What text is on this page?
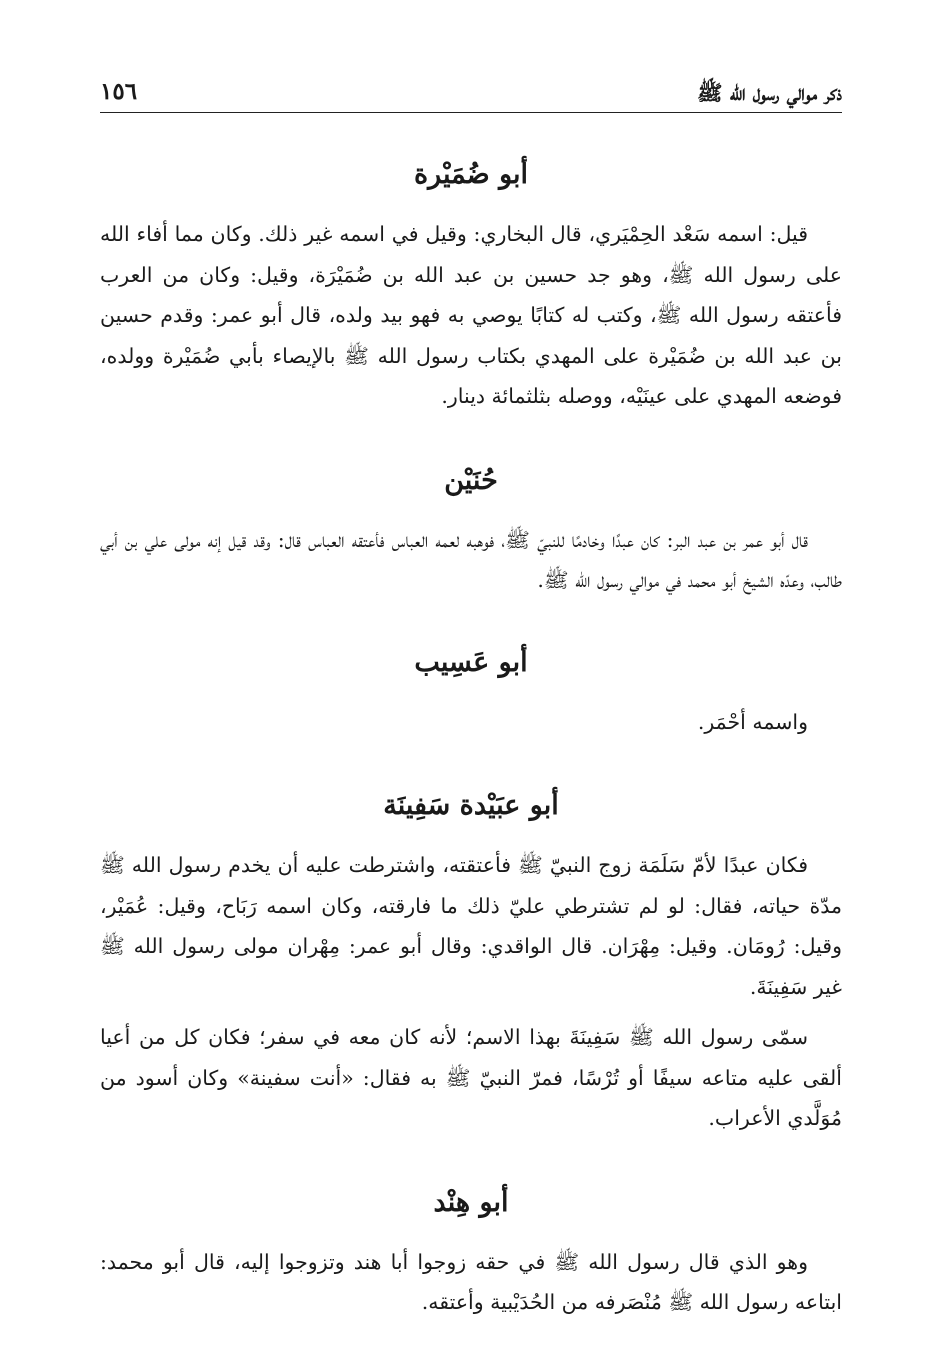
ذكر موالي رسول الله ﷺ
١٥٦
أبو ضُمَيْرة

قيل: اسمه سَعْد الحِمْيَري، قال البخاري: وقيل في اسمه غير ذلك. وكان مما أفاء الله على رسول الله ﷺ، وهو جد حسين بن عبد الله بن ضُمَيْرَة، وقيل: وكان من العرب فأعتقه رسول الله ﷺ، وكتب له كتابًا يوصي به فهو بيد ولده، قال أبو عمر: وقدم حسين بن عبد الله بن ضُمَيْرة على المهدي بكتاب رسول الله ﷺ بالإيصاء بأبي ضُمَيْرة وولده، فوضعه المهدي على عينَيْه، ووصله بثلثمائة دينار.

حُنَيْن

قال أبو عمر بن عبد البر: كان عبدًا وخادمًا للنبيّ ﷺ، فوهبه لعمه العباس فأعتقه العباس قال: وقد قيل إنه مولى علي بن أبي طالب، وعدّه الشيخ أبو محمد في موالي رسول الله ﷺ.

أبو عَسِيب

واسمه أحْمَر.

أبو عبَيْدة سَفِينَة

فكان عبدًا لأمّ سَلَمَة زوج النبيّ ﷺ فأعتقته، واشترطت عليه أن يخدم رسول الله ﷺ مدّة حياته، فقال: لو لم تشترطي عليّ ذلك ما فارقته، وكان اسمه رَبَاح، وقيل: عُمَيْر، وقيل: رُومَان. وقيل: مِهْرَان. قال الواقدي: وقال أبو عمر: مِهْران مولى رسول الله ﷺ غير سَفِينَةَ.

سمّى رسول الله ﷺ سَفِينَةَ بهذا الاسم؛ لأنه كان معه في سفر؛ فكان كل من أعيا ألقى عليه متاعه سيفًا أو تُرْسًا، فمرّ النبيّ ﷺ به فقال: «أنت سفينة» وكان أسود من مُوَلَّدي الأعراب.

أبو هِنْد

وهو الذي قال رسول الله ﷺ في حقه زوجوا أبا هند وتزوجوا إليه، قال أبو محمد: ابتاعه رسول الله ﷺ مُنْصَرفه من الحُدَيْبية وأعتقه.
